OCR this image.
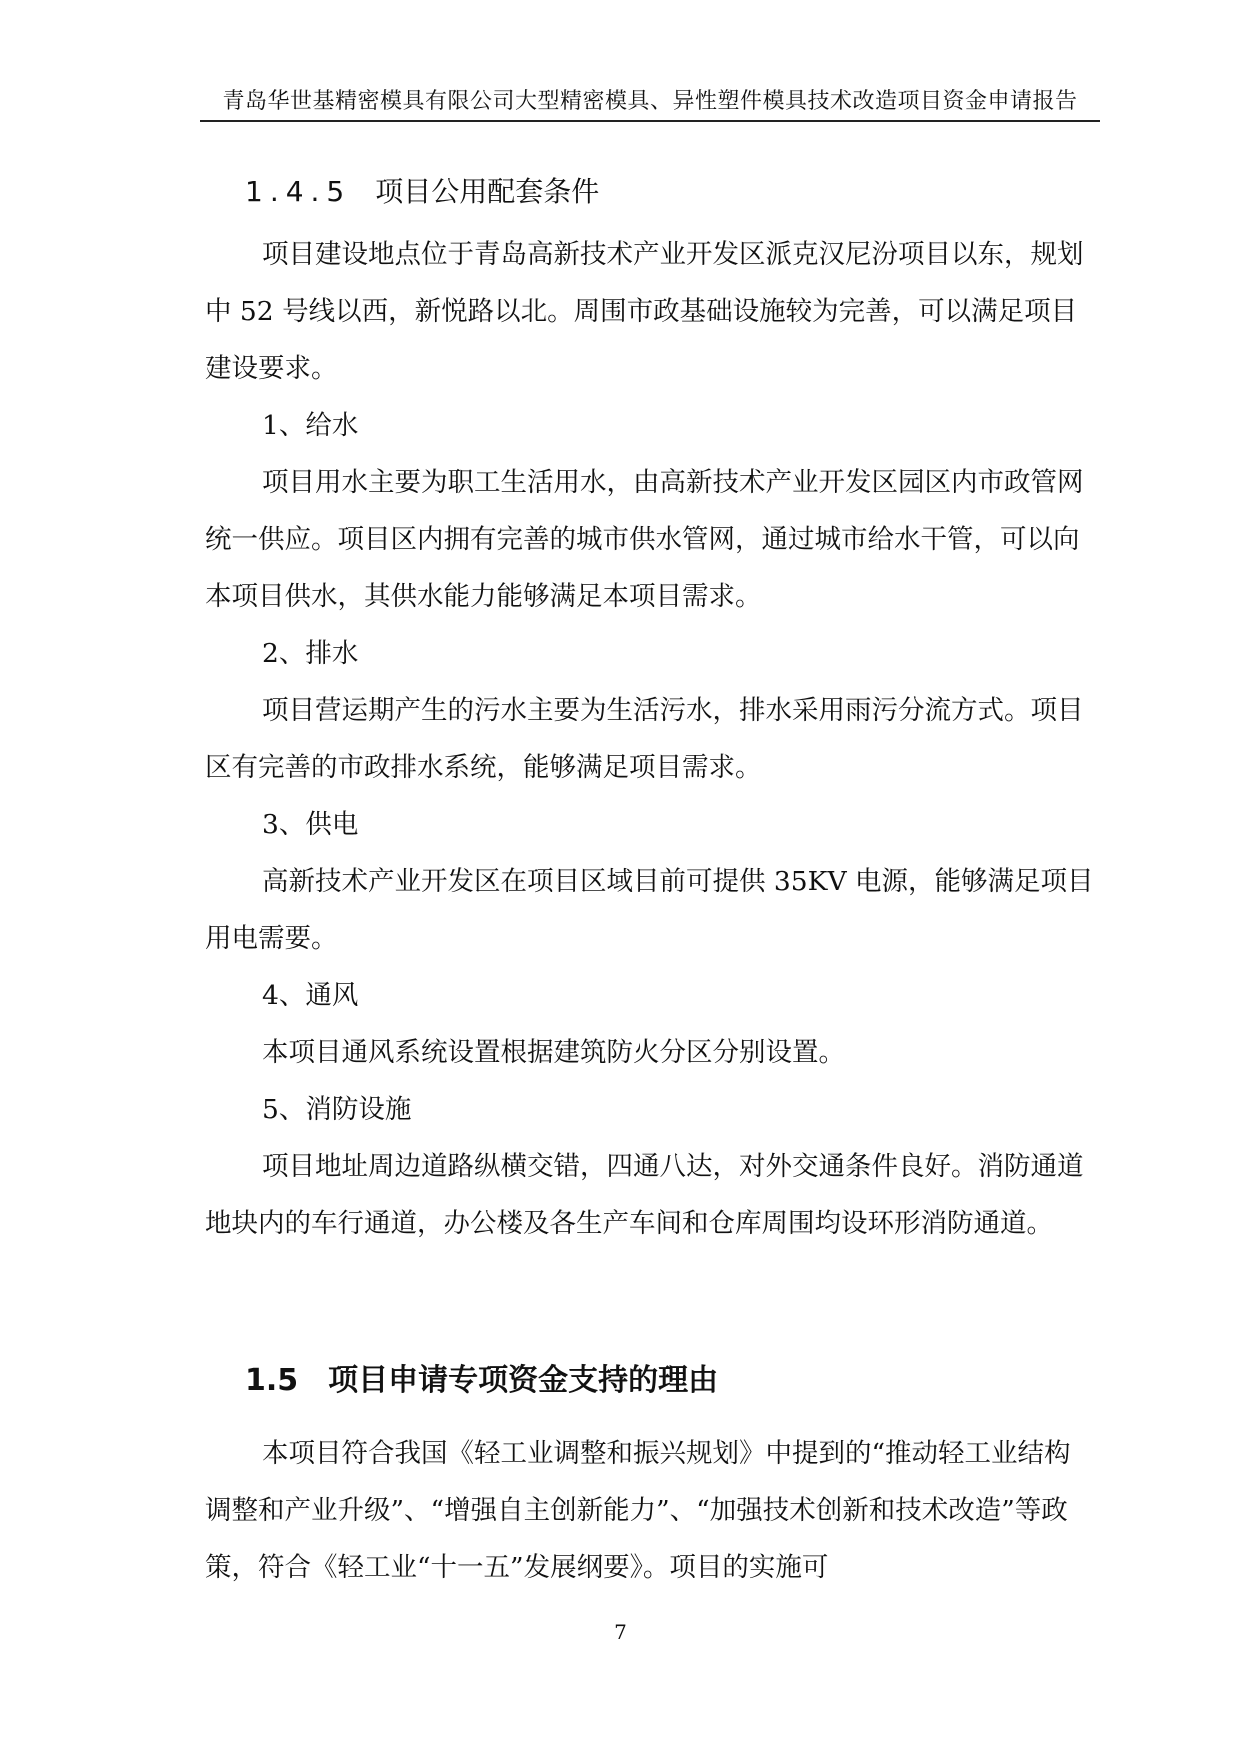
青岛华世基精密模具有限公司大型精密模具、异性塑件模具技术改造项目资金申请报告
1.4.5 项目公用配套条件

项目建设地点位于青岛高新技术产业开发区派克汉尼汾项目以东，规划中 52 号线以西，新悦路以北。周围市政基础设施较为完善，可以满足项目建设要求。

1、给水

项目用水主要为职工生活用水，由高新技术产业开发区园区内市政管网统一供应。项目区内拥有完善的城市供水管网，通过城市给水干管，可以向本项目供水，其供水能力能够满足本项目需求。

2、排水

项目营运期产生的污水主要为生活污水，排水采用雨污分流方式。项目区有完善的市政排水系统，能够满足项目需求。

3、供电

高新技术产业开发区在项目区域目前可提供 35KV 电源，能够满足项目用电需要。

4、通风

本项目通风系统设置根据建筑防火分区分别设置。

5、消防设施

项目地址周边道路纵横交错，四通八达，对外交通条件良好。消防通道地块内的车行通道，办公楼及各生产车间和仓库周围均设环形消防通道。

1.5 项目申请专项资金支持的理由

本项目符合我国《轻工业调整和振兴规划》中提到的“推动轻工业结构调整和产业升级”、“增强自主创新能力”、“加强技术创新和技术改造”等政策，符合《轻工业“十一五”发展纲要》。项目的实施可

7
